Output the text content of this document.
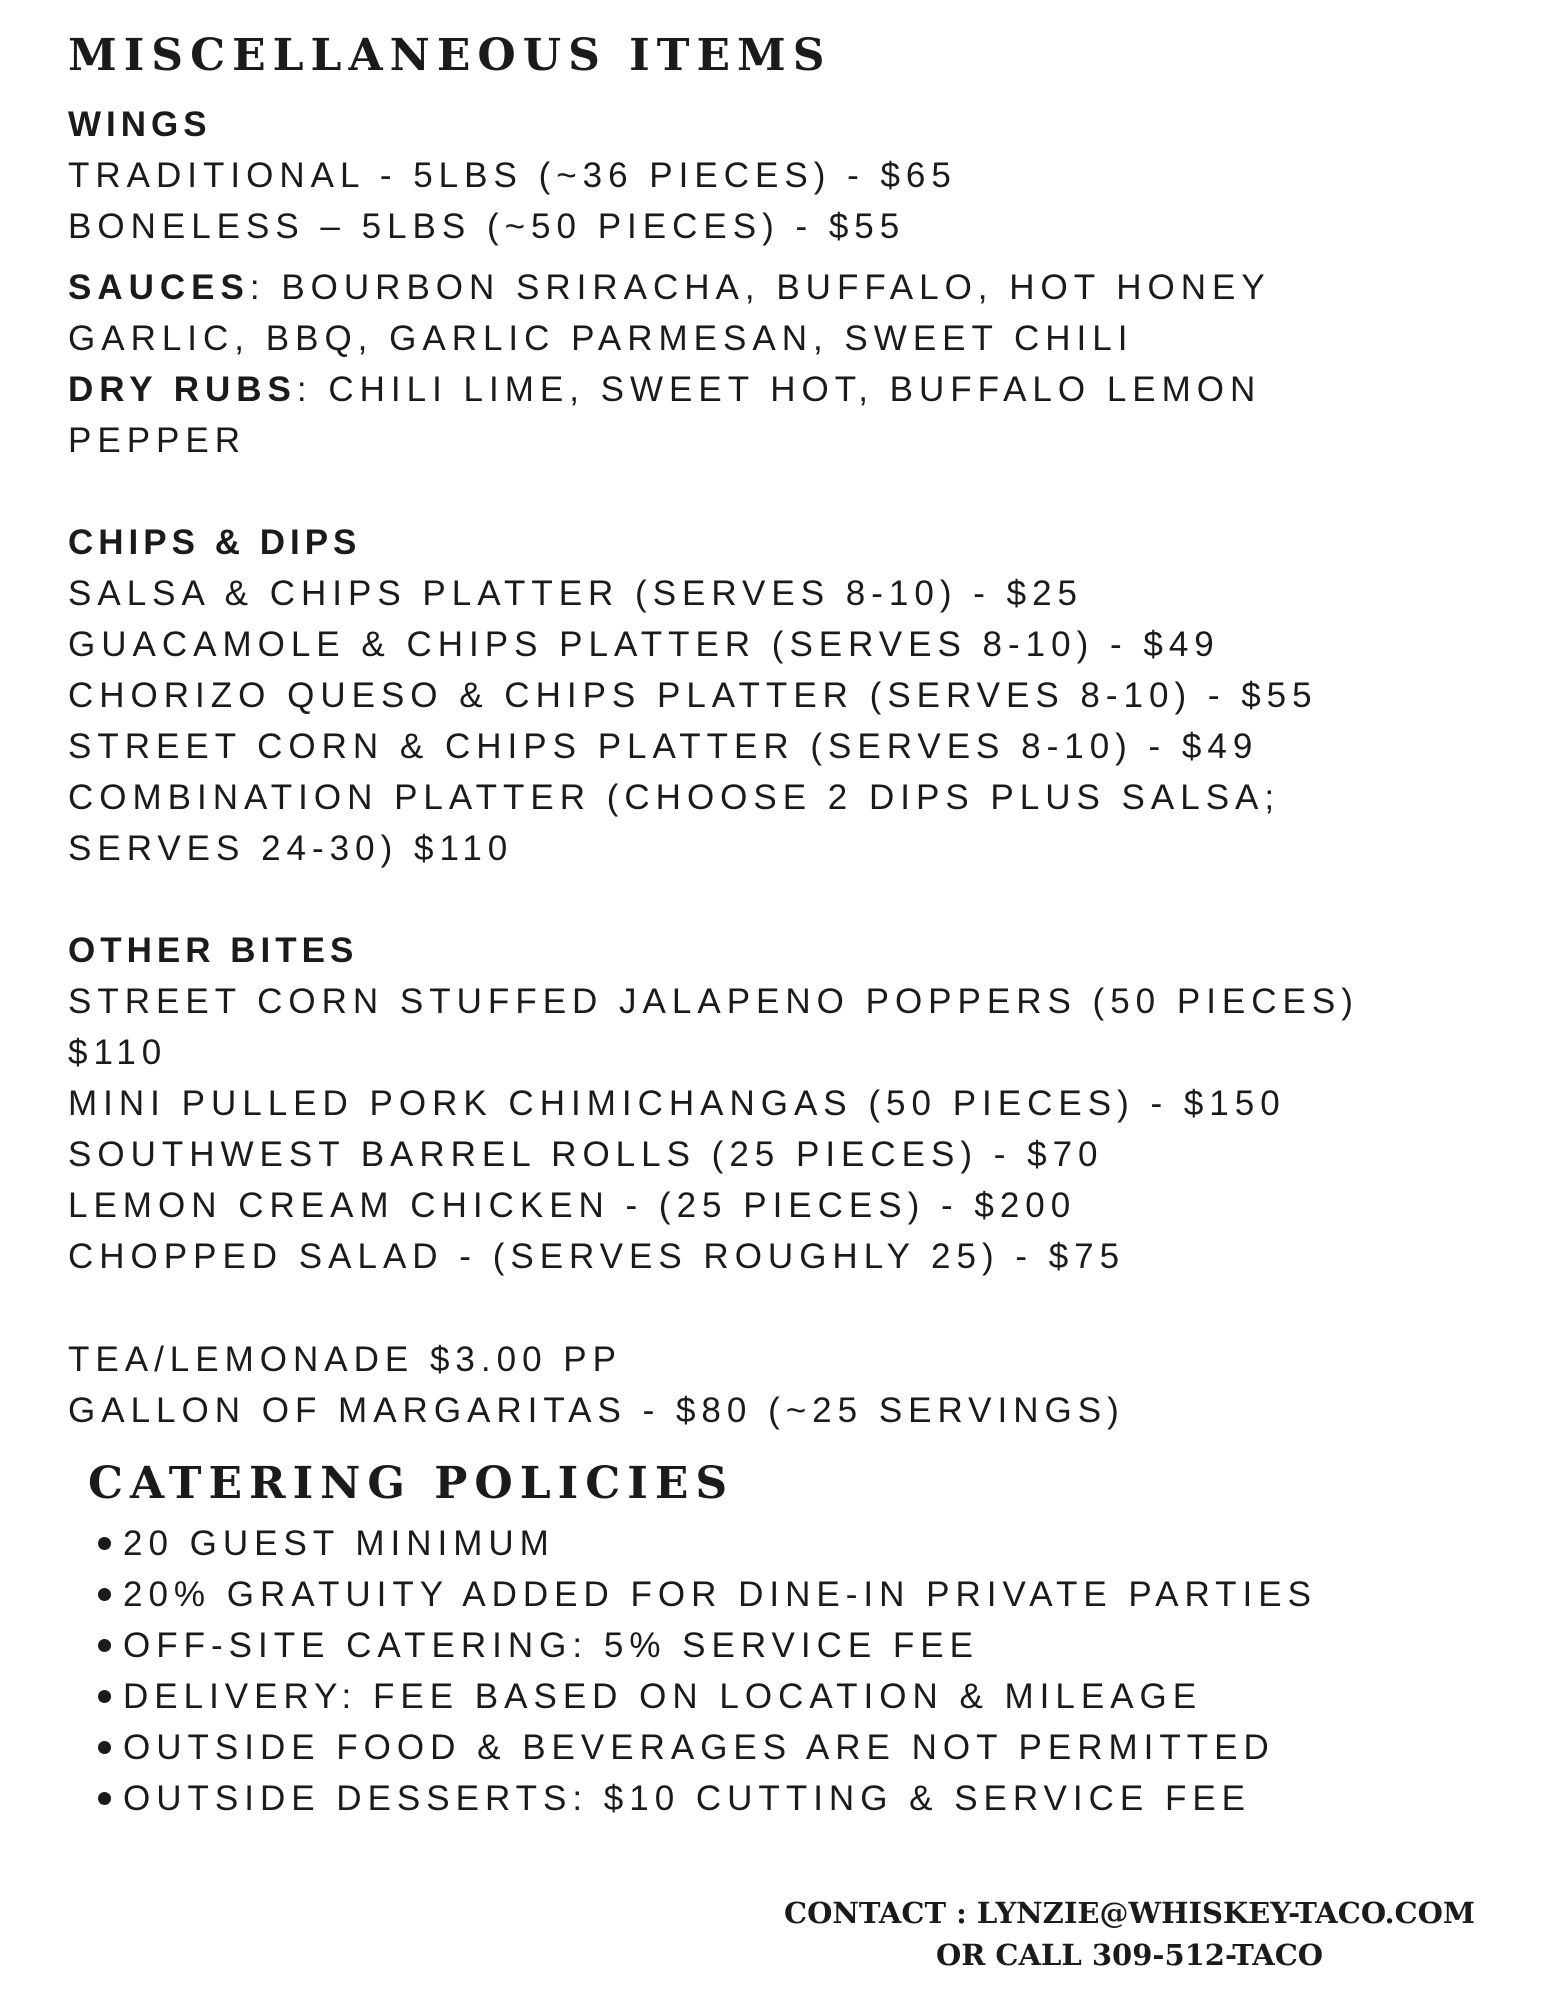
MISCELLANEOUS ITEMS
WINGS
TRADITIONAL - 5LBS (~36 PIECES) - $65
BONELESS – 5LBS (~50 PIECES) - $55
SAUCES: BOURBON SRIRACHA, BUFFALO, HOT HONEY
GARLIC, BBQ, GARLIC PARMESAN, SWEET CHILI
DRY RUBS: CHILI LIME, SWEET HOT, BUFFALO LEMON
PEPPER
CHIPS & DIPS
SALSA & CHIPS PLATTER (SERVES 8-10) - $25
GUACAMOLE & CHIPS PLATTER (SERVES 8-10) - $49
CHORIZO QUESO & CHIPS PLATTER (SERVES 8-10) - $55
STREET CORN & CHIPS PLATTER (SERVES 8-10) - $49
COMBINATION PLATTER (CHOOSE 2 DIPS PLUS SALSA;
SERVES 24-30) $110
OTHER BITES
STREET CORN STUFFED JALAPENO POPPERS (50 PIECES)
$110
MINI PULLED PORK CHIMICHANGAS (50 PIECES) - $150
SOUTHWEST BARREL ROLLS (25 PIECES) - $70
LEMON CREAM CHICKEN - (25 PIECES) - $200
CHOPPED SALAD - (SERVES ROUGHLY 25) - $75
TEA/LEMONADE $3.00 PP
GALLON OF MARGARITAS - $80 (~25 SERVINGS)
CATERING POLICIES
20 GUEST MINIMUM
20% GRATUITY ADDED FOR DINE-IN PRIVATE PARTIES
OFF-SITE CATERING: 5% SERVICE FEE
DELIVERY: FEE BASED ON LOCATION & MILEAGE
OUTSIDE FOOD & BEVERAGES ARE NOT PERMITTED
OUTSIDE DESSERTS: $10 CUTTING & SERVICE FEE
CONTACT : LYNZIE@WHISKEY-TACO.COM
OR CALL 309-512-TACO
